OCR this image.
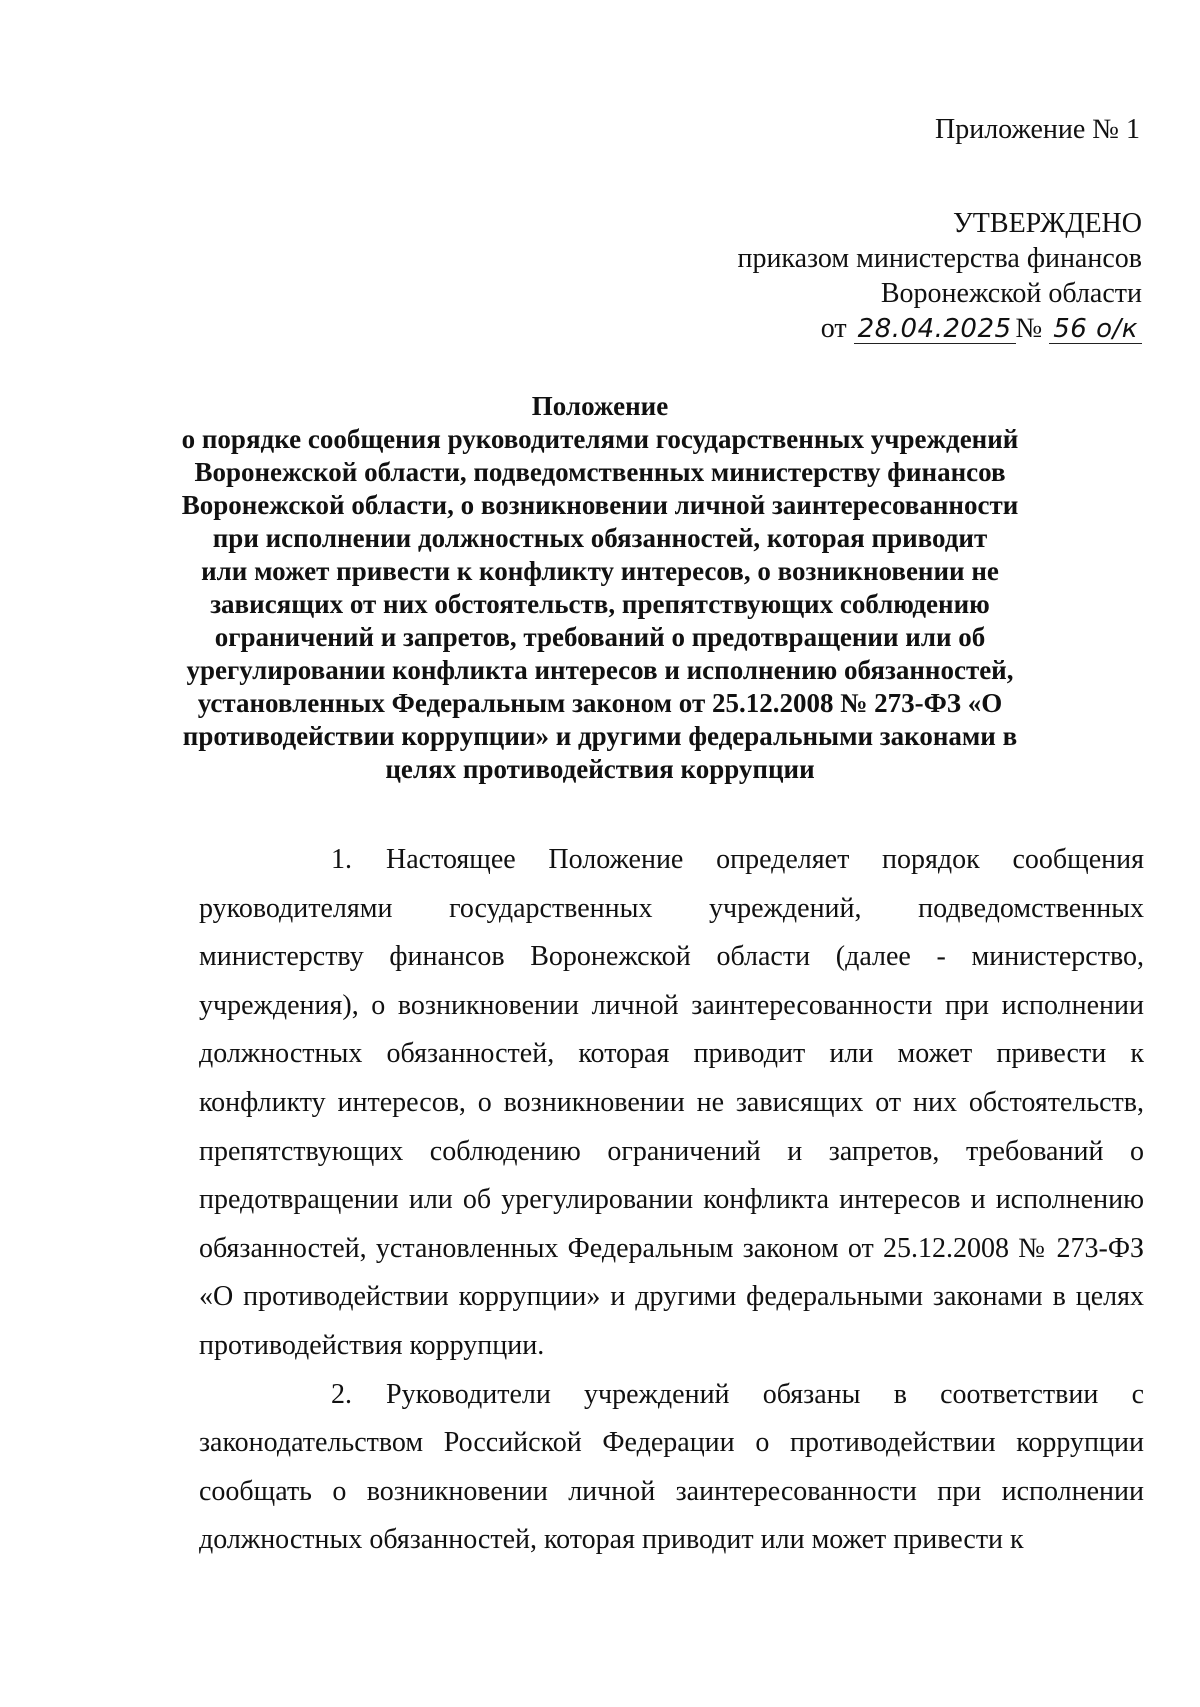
Приложение № 1
УТВЕРЖДЕНО
приказом министерства финансов
Воронежской области
от 28.04.2025 № 56 о/к
Положение
о порядке сообщения руководителями государственных учреждений
Воронежской области, подведомственных министерству финансов
Воронежской области, о возникновении личной заинтересованности
при исполнении должностных обязанностей, которая приводит
или может привести к конфликту интересов, о возникновении не
зависящих от них обстоятельств, препятствующих соблюдению
ограничений и запретов, требований о предотвращении или об
урегулировании конфликта интересов и исполнению обязанностей,
установленных Федеральным законом от 25.12.2008 № 273-ФЗ «О
противодействии коррупции» и другими федеральными законами в
целях противодействия коррупции

1. Настоящее Положение определяет порядок сообщения руководителями государственных учреждений, подведомственных министерству финансов Воронежской области (далее - министерство, учреждения), о возникновении личной заинтересованности при исполнении должностных обязанностей, которая приводит или может привести к конфликту интересов, о возникновении не зависящих от них обстоятельств, препятствующих соблюдению ограничений и запретов, требований о предотвращении или об урегулировании конфликта интересов и исполнению обязанностей, установленных Федеральным законом от 25.12.2008 № 273-ФЗ «О противодействии коррупции» и другими федеральными законами в целях противодействия коррупции.

2. Руководители учреждений обязаны в соответствии с законодательством Российской Федерации о противодействии коррупции сообщать о возникновении личной заинтересованности при исполнении должностных обязанностей, которая приводит или может привести к
